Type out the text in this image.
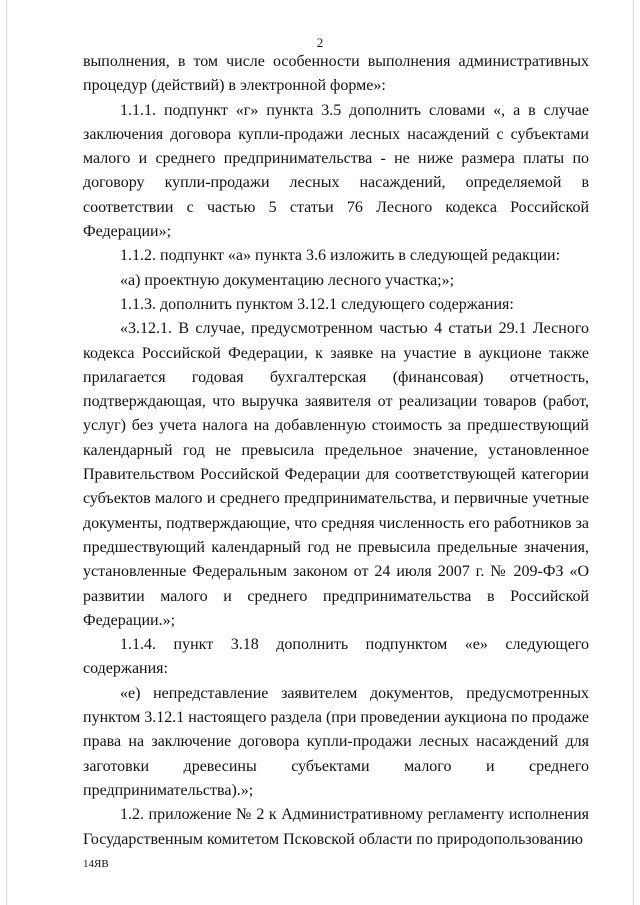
2

выполнения, в том числе особенности выполнения административных процедур (действий) в электронной форме»:

1.1.1. подпункт «г» пункта 3.5 дополнить словами «, а в случае заключения договора купли-продажи лесных насаждений с субъектами малого и среднего предпринимательства - не ниже размера платы по договору купли-продажи лесных насаждений, определяемой в соответствии с частью 5 статьи 76 Лесного кодекса Российской Федерации»;

1.1.2. подпункт «а» пункта 3.6 изложить в следующей редакции:

«а) проектную документацию лесного участка;»;

1.1.3. дополнить пунктом 3.12.1 следующего содержания:

«3.12.1. В случае, предусмотренном частью 4 статьи 29.1 Лесного кодекса Российской Федерации, к заявке на участие в аукционе также прилагается годовая бухгалтерская (финансовая) отчетность, подтверждающая, что выручка заявителя от реализации товаров (работ, услуг) без учета налога на добавленную стоимость за предшествующий календарный год не превысила предельное значение, установленное Правительством Российской Федерации для соответствующей категории субъектов малого и среднего предпринимательства, и первичные учетные документы, подтверждающие, что средняя численность его работников за предшествующий календарный год не превысила предельные значения, установленные Федеральным законом от 24 июля 2007 г. № 209-ФЗ «О развитии малого и среднего предпринимательства в Российской Федерации.»;

1.1.4. пункт 3.18 дополнить подпунктом «е» следующего содержания:

«е) непредставление заявителем документов, предусмотренных пунктом 3.12.1 настоящего раздела (при проведении аукциона по продаже права на заключение договора купли-продажи лесных насаждений для заготовки древесины субъектами малого и среднего предпринимательства).»;

1.2. приложение № 2 к Административному регламенту исполнения Государственным комитетом Псковской области по природопользованию

14ЯВ
